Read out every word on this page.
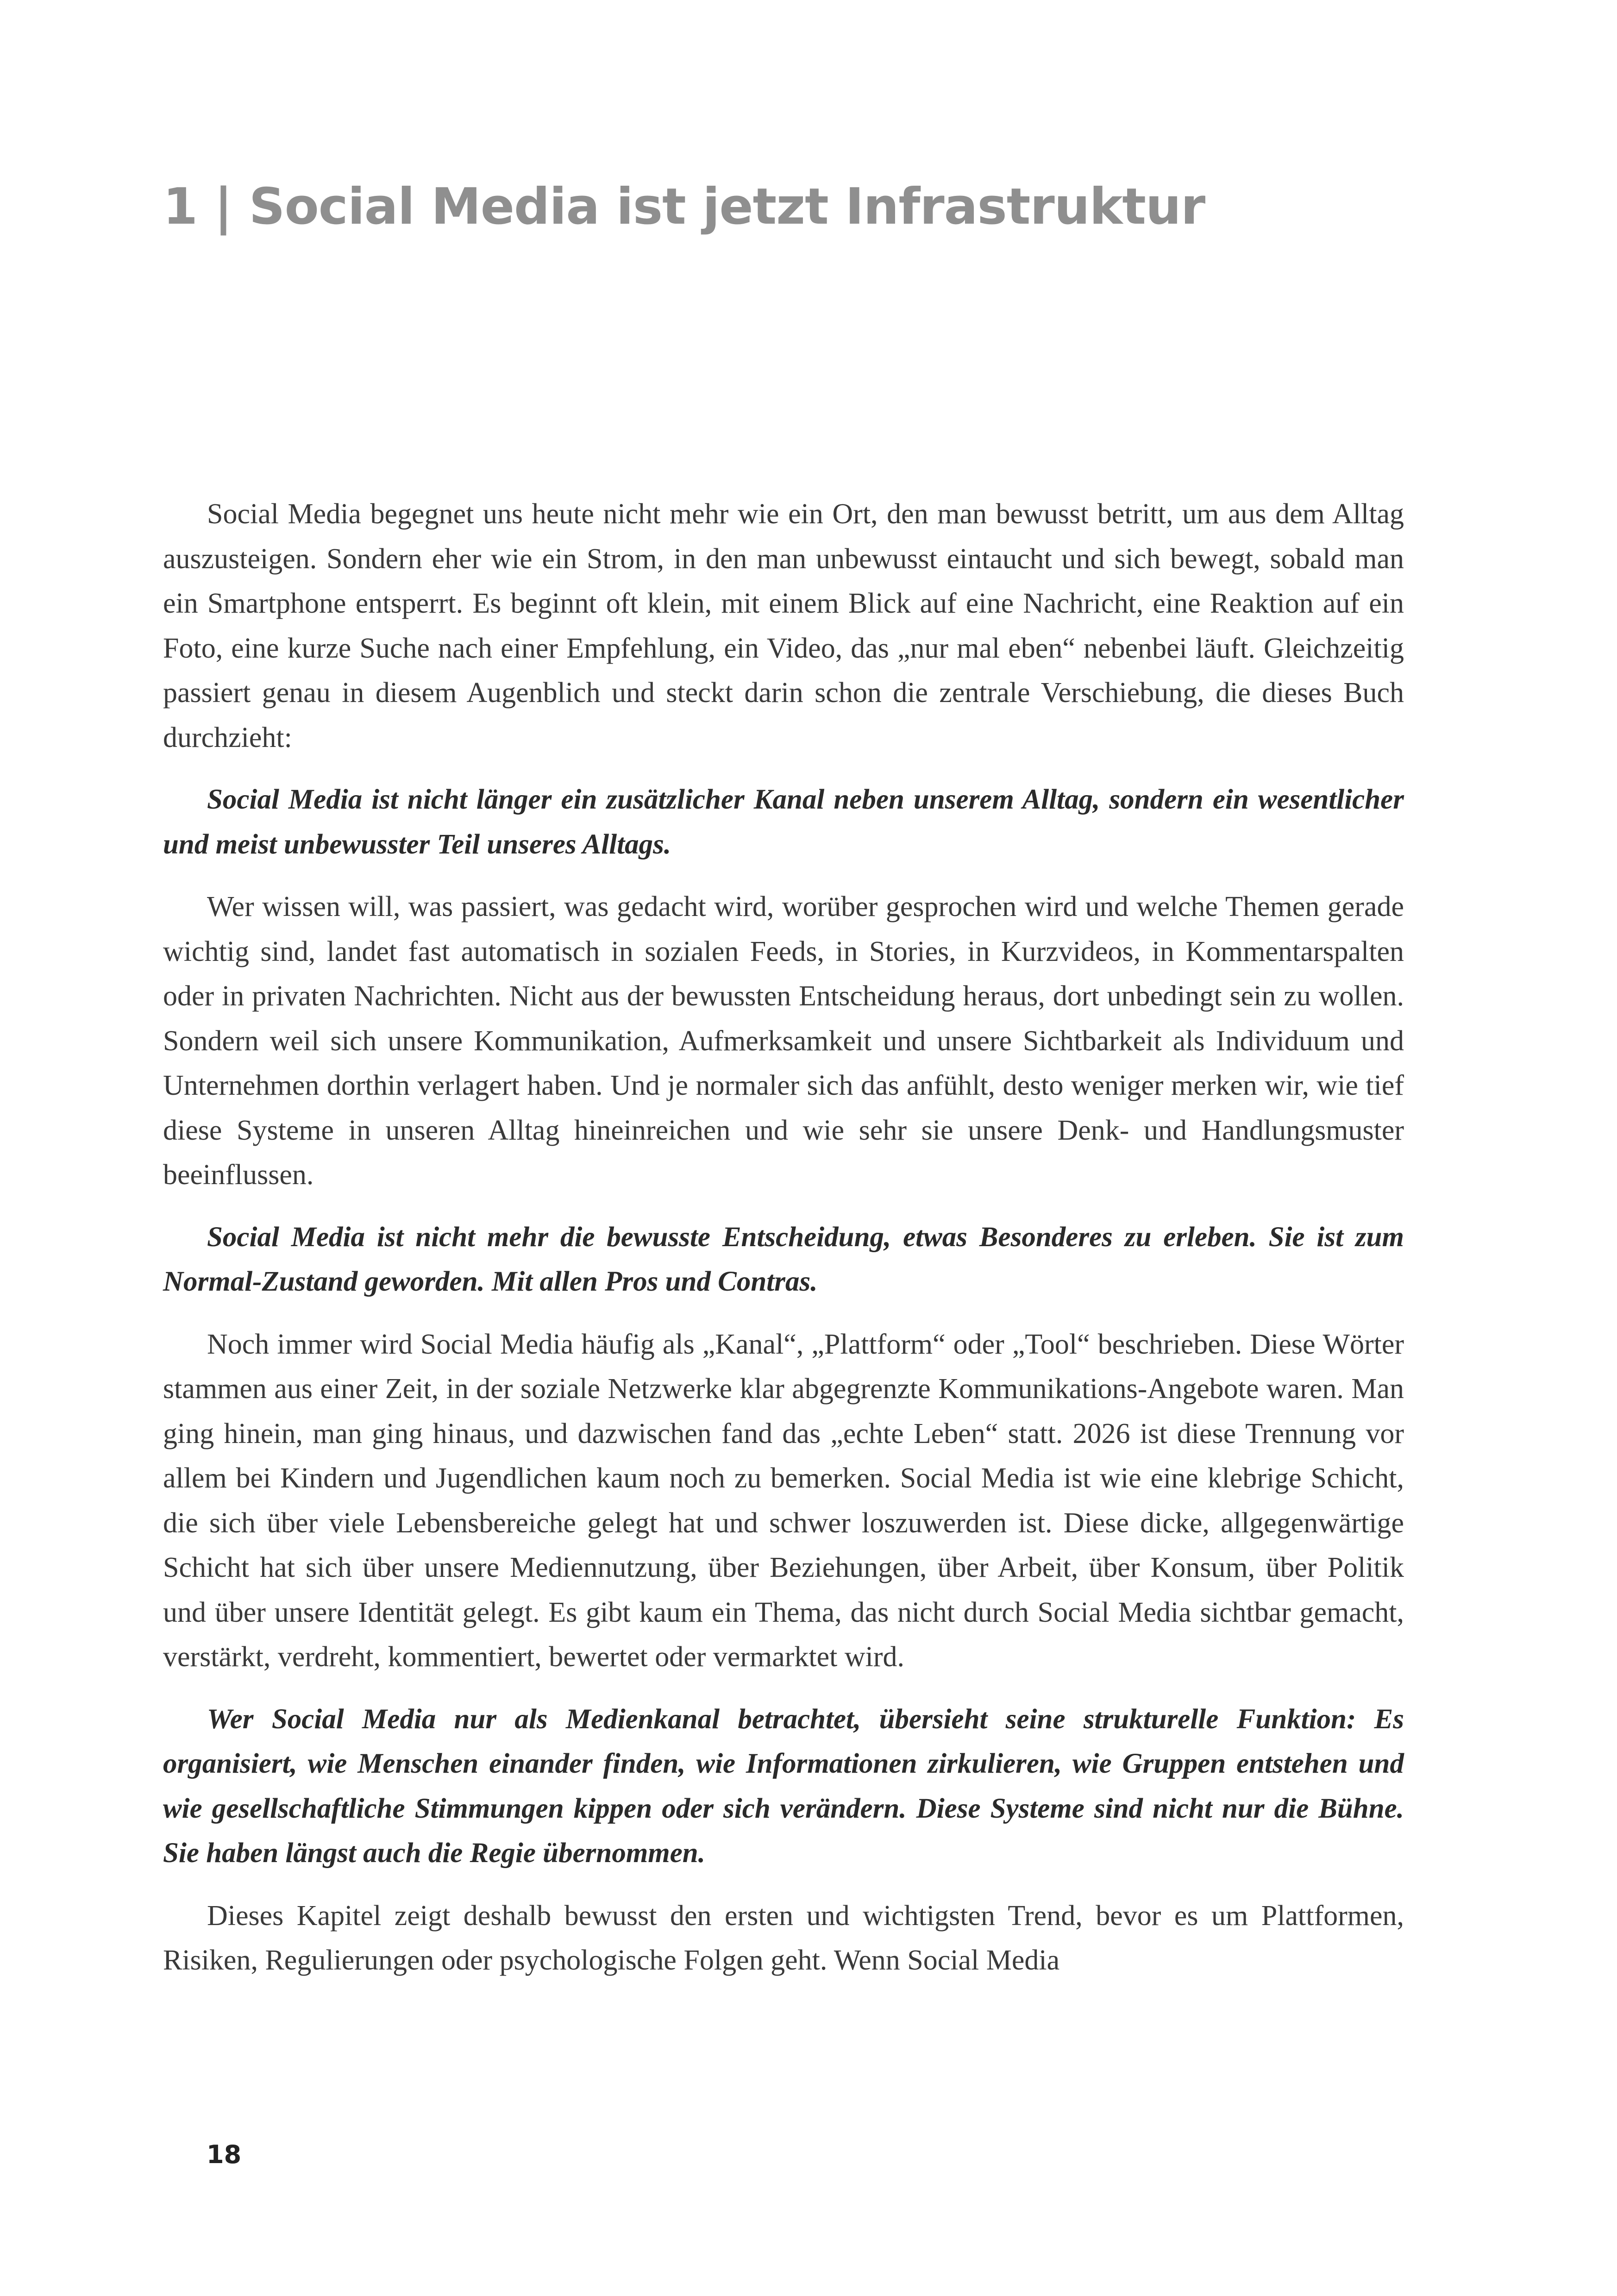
1 | Social Media ist jetzt Infrastruktur

Social Media begegnet uns heute nicht mehr wie ein Ort, den man bewusst betritt, um aus dem Alltag auszusteigen. Sondern eher wie ein Strom, in den man unbewusst eintaucht und sich bewegt, sobald man ein Smartphone entsperrt. Es beginnt oft klein, mit einem Blick auf eine Nachricht, eine Reaktion auf ein Foto, eine kurze Suche nach einer Empfehlung, ein Video, das „nur mal eben“ nebenbei läuft. Gleichzeitig passiert genau in diesem Augenblich und steckt darin schon die zentrale Verschiebung, die dieses Buch durchzieht:

Social Media ist nicht länger ein zusätzlicher Kanal neben unserem Alltag, sondern ein wesentlicher und meist unbewusster Teil unseres Alltags.

Wer wissen will, was passiert, was gedacht wird, worüber gesprochen wird und welche Themen gerade wichtig sind, landet fast automatisch in sozialen Feeds, in Stories, in Kurzvideos, in Kommentarspalten oder in privaten Nachrichten. Nicht aus der bewussten Entscheidung heraus, dort unbedingt sein zu wollen. Sondern weil sich unsere Kommunikation, Aufmerksamkeit und unsere Sichtbarkeit als Individuum und Unternehmen dorthin verlagert haben. Und je normaler sich das anfühlt, desto weniger merken wir, wie tief diese Systeme in unseren Alltag hineinreichen und wie sehr sie unsere Denk- und Handlungsmuster beeinflussen.

Social Media ist nicht mehr die bewusste Entscheidung, etwas Besonderes zu erleben. Sie ist zum Normal-Zustand geworden. Mit allen Pros und Contras.

Noch immer wird Social Media häufig als „Kanal“, „Plattform“ oder „Tool“ beschrieben. Diese Wörter stammen aus einer Zeit, in der soziale Netzwerke klar abgegrenzte Kommunikations-Angebote waren. Man ging hinein, man ging hinaus, und dazwischen fand das „echte Leben“ statt. 2026 ist diese Trennung vor allem bei Kindern und Jugendlichen kaum noch zu bemerken. Social Media ist wie eine klebrige Schicht, die sich über viele Lebensbereiche gelegt hat und schwer loszuwerden ist. Diese dicke, allgegenwärtige Schicht hat sich über unsere Mediennutzung, über Beziehungen, über Arbeit, über Konsum, über Politik und über unsere Identität gelegt. Es gibt kaum ein Thema, das nicht durch Social Media sichtbar gemacht, verstärkt, verdreht, kommentiert, bewertet oder vermarktet wird.

Wer Social Media nur als Medienkanal betrachtet, übersieht seine strukturelle Funktion: Es organisiert, wie Menschen einander finden, wie Informationen zirkulieren, wie Gruppen entstehen und wie gesellschaftliche Stimmungen kippen oder sich verändern. Diese Systeme sind nicht nur die Bühne. Sie haben längst auch die Regie übernommen.

Dieses Kapitel zeigt deshalb bewusst den ersten und wichtigsten Trend, bevor es um Plattformen, Risiken, Regulierungen oder psychologische Folgen geht. Wenn Social Media

18
